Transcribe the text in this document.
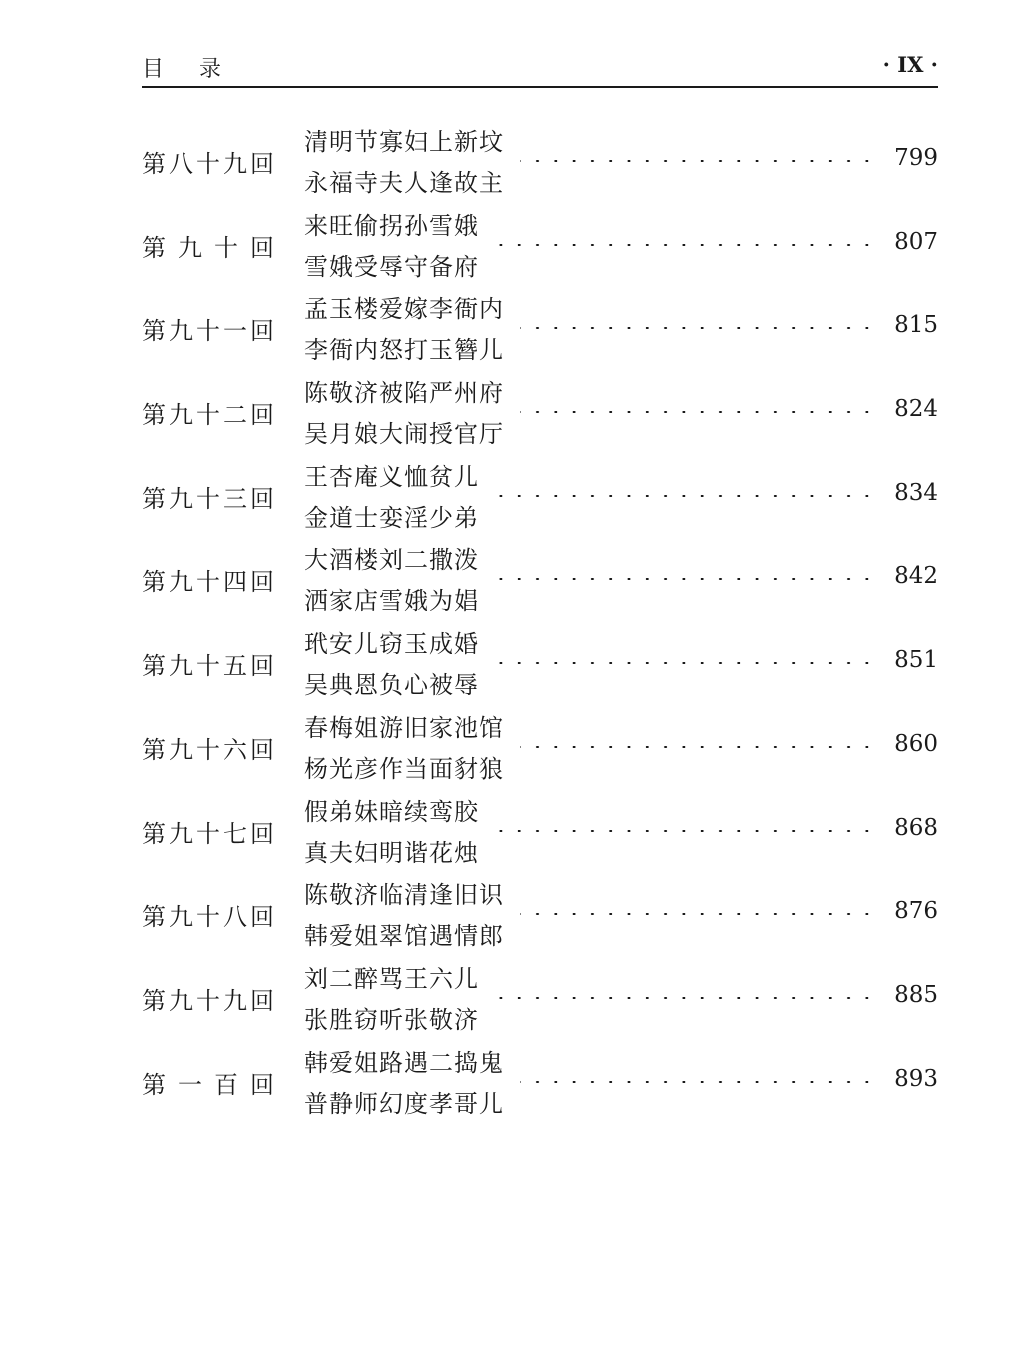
目 录	· IX ·
第 八 十 九 回
清明节寡妇上新坟
永福寺夫人逢故主
799
第 九 十 回
来旺偷拐孙雪娥
雪娥受辱守备府
807
第 九 十 一 回
孟玉楼爱嫁李衙内
李衙内怒打玉簪儿
815
第 九 十 二 回
陈敬济被陷严州府
吴月娘大闹授官厅
824
第 九 十 三 回
王杏庵义恤贫儿
金道士娈淫少弟
834
第 九 十 四 回
大酒楼刘二撒泼
洒家店雪娥为娼
842
第 九 十 五 回
玳安儿窃玉成婚
吴典恩负心被辱
851
第 九 十 六 回
春梅姐游旧家池馆
杨光彦作当面豺狼
860
第 九 十 七 回
假弟妹暗续鸾胶
真夫妇明谐花烛
868
第 九 十 八 回
陈敬济临清逢旧识
韩爱姐翠馆遇情郎
876
第 九 十 九 回
刘二醉骂王六儿
张胜窃听张敬济
885
第 一 百 回
韩爱姐路遇二捣鬼
普静师幻度孝哥儿
893
